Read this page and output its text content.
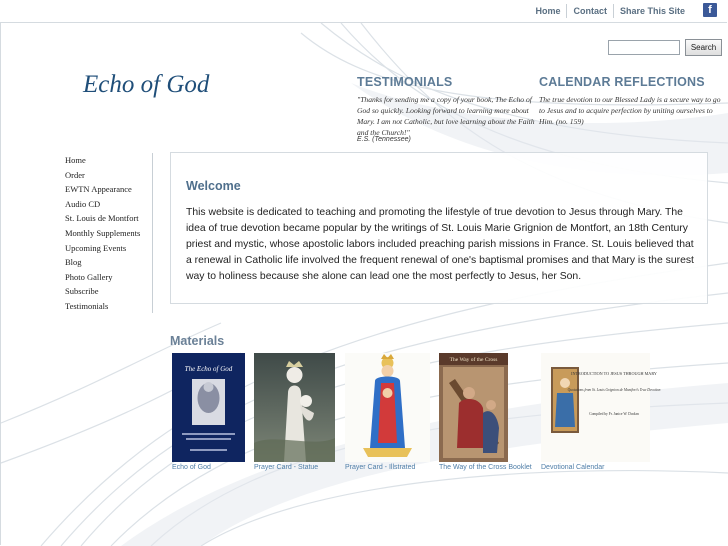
Home	Contact	Share This Site	f
Search
Echo of God	TESTIMONIALS
"Thanks for sending me a copy of your book, The Echo of God so quickly. Looking forward to learning more about Mary. I am not Catholic, but love learning about the Faith and the Church!"
E.S. (Tennessee)
CALENDAR REFLECTIONS
The true devotion to our Blessed Lady is a secure way to go to Jesus and to acquire perfection by uniting ourselves to Him. (no. 159)
Home
Order
EWTN Appearance
Audio CD
St. Louis de Montfort
Monthly Supplements
Upcoming Events
Blog
Photo Gallery
Subscribe
Testimonials
Welcome

This website is dedicated to teaching and promoting the lifestyle of true devotion to Jesus through Mary. The idea of true devotion became popular by the writings of St. Louis Marie Grignion de Montfort, an 18th Century priest and mystic, whose apostolic labors included preaching parish missions in France. St. Louis believed that a renewal in Catholic life involved the frequent renewal of one's baptismal promises and that Mary is the surest way to holiness because she alone can lead one the most perfectly to Jesus, her Son.

Materials
The Echo of God
Echo of God	Prayer Card - Statue	Prayer Card - Illstrated
The Way of the Cross
The Way of the Cross Booklet
INTRODUCTION TO JESUS THROUGH MARY
Quotations from St. Louis Grignion de Montfort's True Devotion
Compiled by Fr. Janice W. Doolan
Devotional Calendar
